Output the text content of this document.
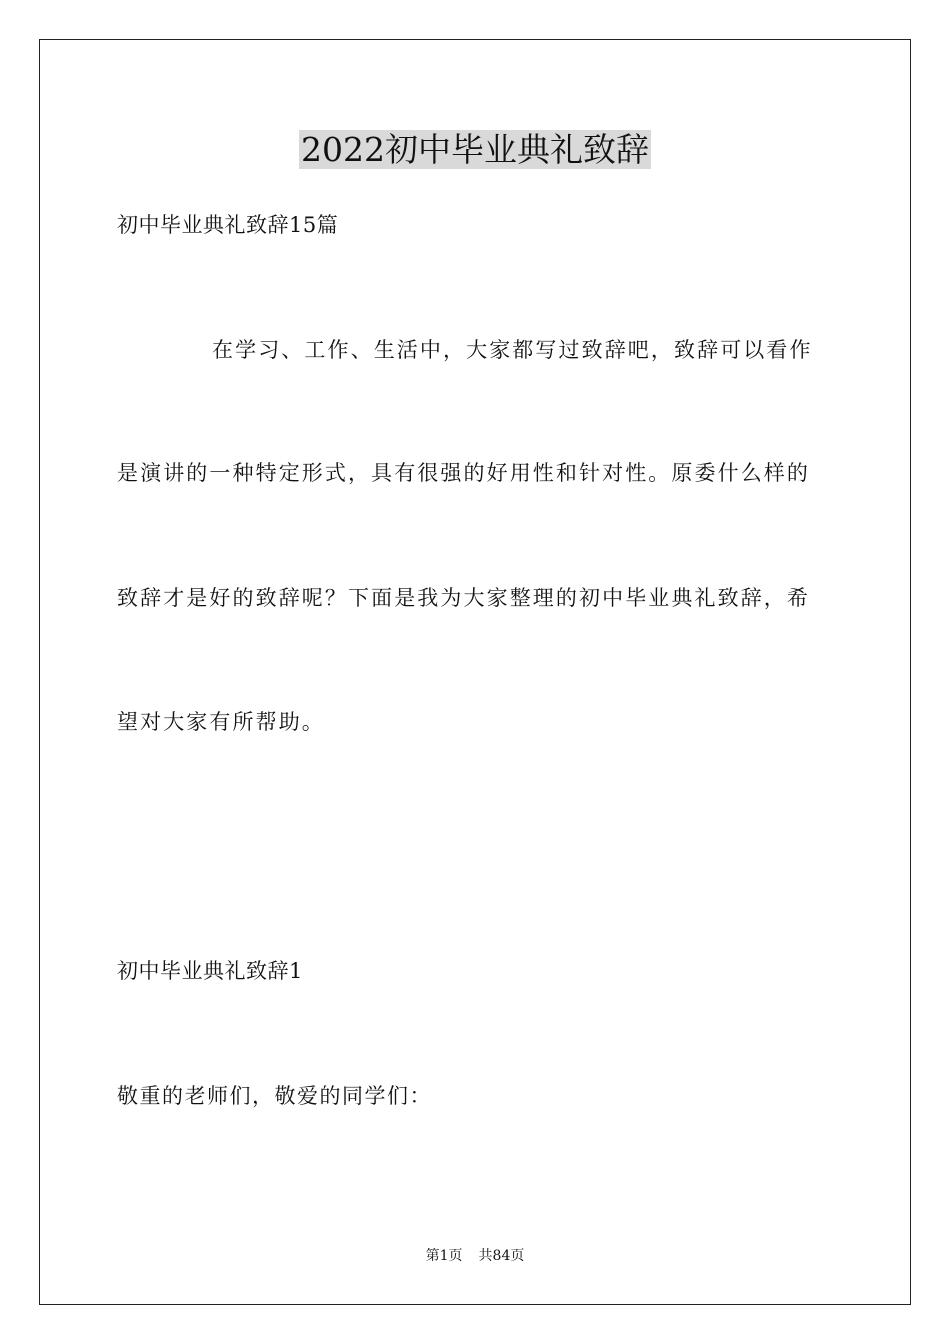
2022初中毕业典礼致辞
初中毕业典礼致辞15篇
在学习、工作、生活中，大家都写过致辞吧，致辞可以看作
是演讲的一种特定形式，具有很强的好用性和针对性。原委什么样的
致辞才是好的致辞呢？下面是我为大家整理的初中毕业典礼致辞，希
望对大家有所帮助。
初中毕业典礼致辞1
敬重的老师们，敬爱的同学们：
第1页 共84页
